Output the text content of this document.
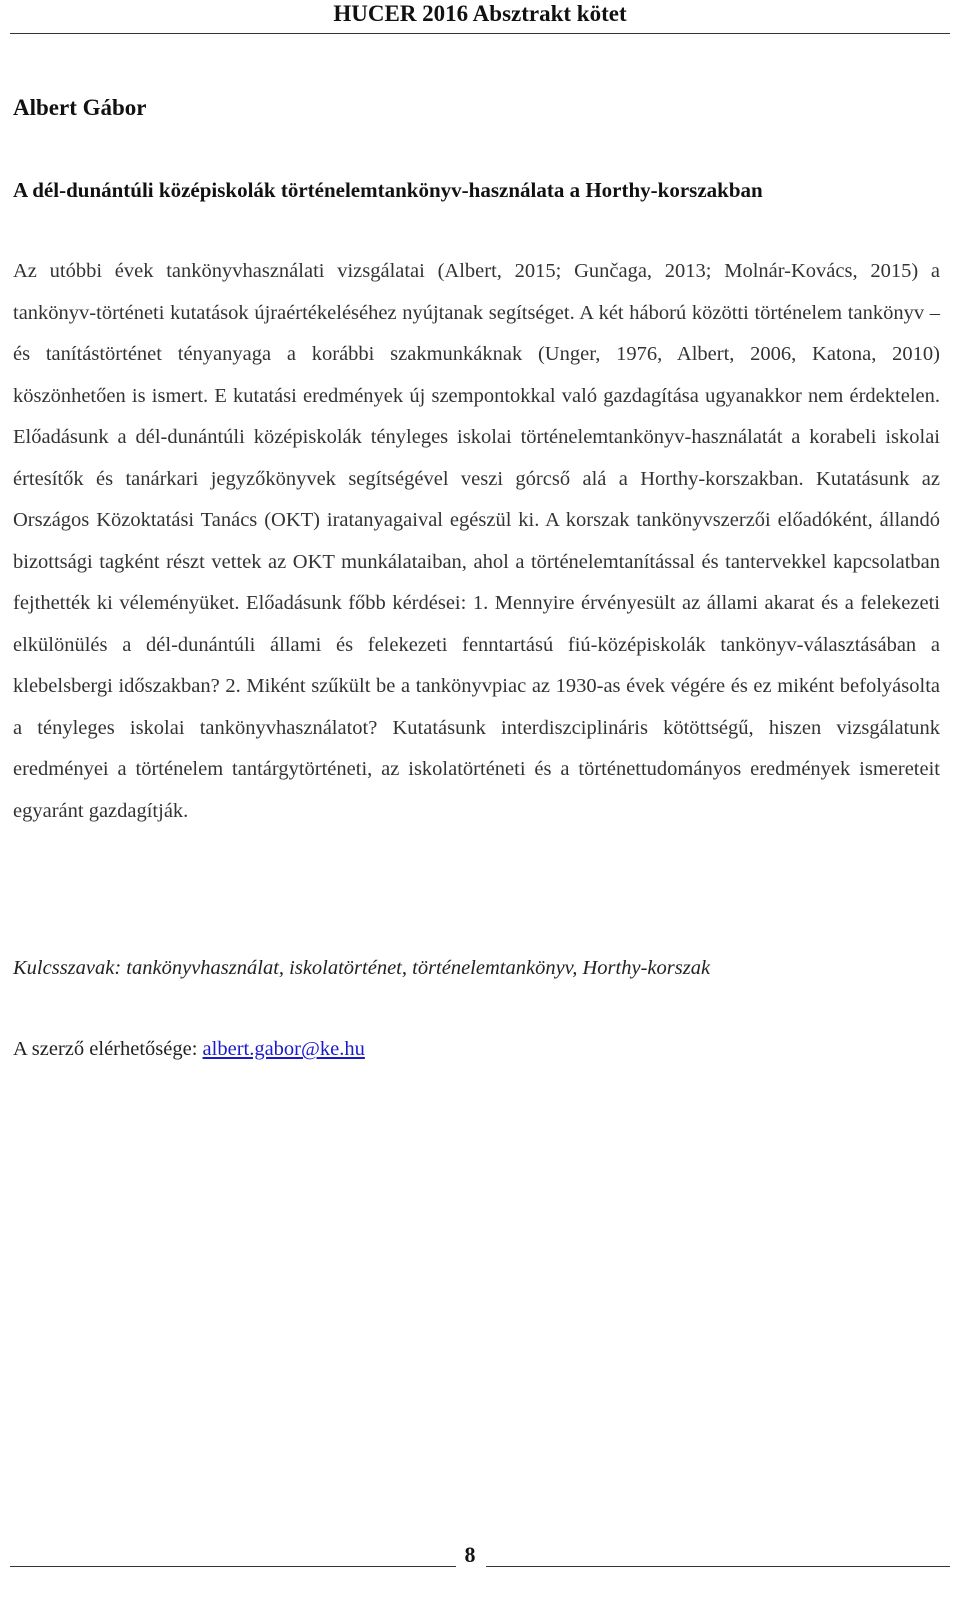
HUCER 2016 Absztrakt kötet
Albert Gábor
A dél-dunántúli középiskolák történelemtankönyv-használata a Horthy-korszakban

Az utóbbi évek tankönyvhasználati vizsgálatai (Albert, 2015; Gunčaga, 2013; Molnár-Kovács, 2015) a tankönyv-történeti kutatások újraértékeléséhez nyújtanak segítséget. A két háború közötti történelem tankönyv –és tanítástörténet tényanyaga a korábbi szakmunkáknak (Unger, 1976, Albert, 2006, Katona, 2010) köszönhetően is ismert. E kutatási eredmények új szempontokkal való gazdagítása ugyanakkor nem érdektelen. Előadásunk a dél-dunántúli középiskolák tényleges iskolai történelemtankönyv-használatát a korabeli iskolai értesítők és tanárkari jegyzőkönyvek segítségével veszi górcső alá a Horthy-korszakban. Kutatásunk az Országos Közoktatási Tanács (OKT) iratanyagaival egészül ki. A korszak tankönyvszerzői előadóként, állandó bizottsági tagként részt vettek az OKT munkálataiban, ahol a történelemtanítással és tantervekkel kapcsolatban fejthették ki véleményüket. Előadásunk főbb kérdései: 1. Mennyire érvényesült az állami akarat és a felekezeti elkülönülés a dél-dunántúli állami és felekezeti fenntartású fiú-középiskolák tankönyv-választásában a klebelsbergi időszakban? 2. Miként szűkült be a tankönyvpiac az 1930-as évek végére és ez miként befolyásolta a tényleges iskolai tankönyvhasználatot? Kutatásunk interdiszciplináris kötöttségű, hiszen vizsgálatunk eredményei a történelem tantárgytörténeti, az iskolatörténeti és a történettudományos eredmények ismereteit egyaránt gazdagítják.

Kulcsszavak: tankönyvhasználat, iskolatörténet, történelemtankönyv, Horthy-korszak
A szerző elérhetősége: albert.gabor@ke.hu
8
